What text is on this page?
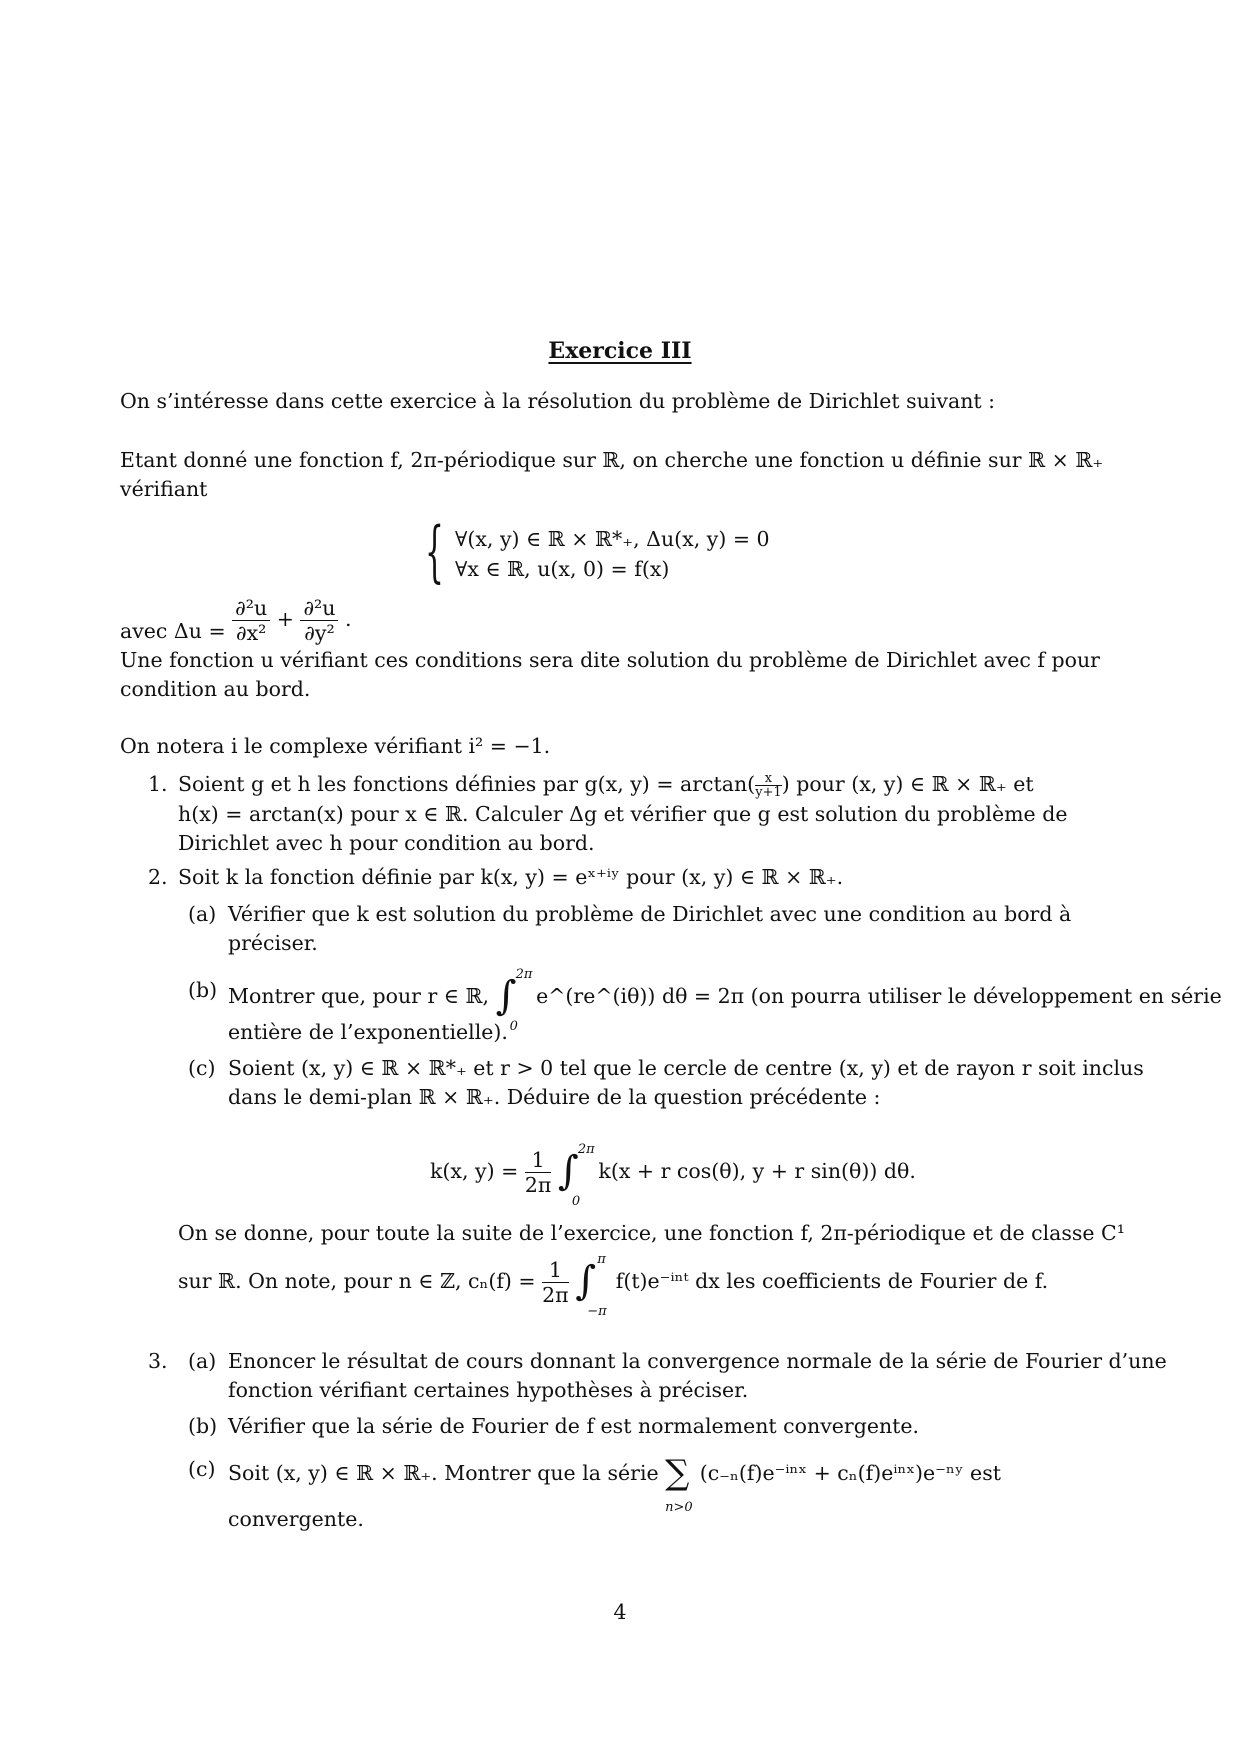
Exercice III
On s’intéresse dans cette exercice à la résolution du problème de Dirichlet suivant :
Etant donné une fonction f, 2π-périodique sur ℝ, on cherche une fonction u définie sur ℝ × ℝ₊
vérifiant
{ ∀(x, y) ∈ ℝ × ℝ*₊, Δu(x, y) = 0
∀x ∈ ℝ, u(x, 0) = f(x)
avec $\Delta u = \frac{\text{∂²u}}{\text{∂x²}} + \frac{\text{∂²u}}{\text{∂y²}}$ .
Une fonction u vérifiant ces conditions sera dite solution du problème de Dirichlet avec f pour
condition au bord.
On notera i le complexe vérifiant i² = −1.
1. Soient g et h les fonctions définies par g(x, $y) = \arctan( \frac{x}{y+1}$ ) pour (x, y) ∈ ℝ × ℝ₊ et
h(x) = arctan(x) pour x ∈ ℝ. Calculer Δg et vérifier que g est solution du problème de
Dirichlet avec h pour condition au bord.
2. Soit k la fonction définie par k(x, y) = eˣ⁺ⁱʸ pour (x, y) ∈ ℝ × ℝ₊.
(a) Vérifier que k est solution du problème de Dirichlet avec une condition au bord à
préciser.
(b) Montrer que, pour r ∈ ℝ, ∫ 2π
0
e^(re^(iθ)) dθ = 2π (on pourra utiliser le développement en série
entière de l’exponentielle).
(c) Soient (x, y) ∈ ℝ × ℝ*₊ et r > 0 tel que le cercle de centre (x, y) et de rayon r soit inclus
dans le demi-plan ℝ × ℝ₊. Déduire de la question précédente :
k(x, $y) = \frac{1}{2\pi}$ ∫ 2π
0
k(x + r cos(θ), y + r sin(θ)) dθ.
On se donne, pour toute la suite de l’exercice, une fonction f, 2π-périodique et de classe C¹
sur ℝ. On note, pour n ∈ ℤ, $c_n(f) = \frac{1}{2\pi}$ ∫ π
−π
f(t)e⁻ⁱⁿᵗ dx les coefficients de Fourier de f.
3. (a) Enoncer le résultat de cours donnant la convergence normale de la série de Fourier d’une
fonction vérifiant certaines hypothèses à préciser.
(b) Vérifier que la série de Fourier de f est normalement convergente.
(c) Soit (x, y) ∈ ℝ × ℝ₊. Montrer que la série ∑
n>0
(c₋ₙ(f)e⁻ⁱⁿˣ + cₙ(f)eⁱⁿˣ)e⁻ⁿʸ est
convergente.
4
